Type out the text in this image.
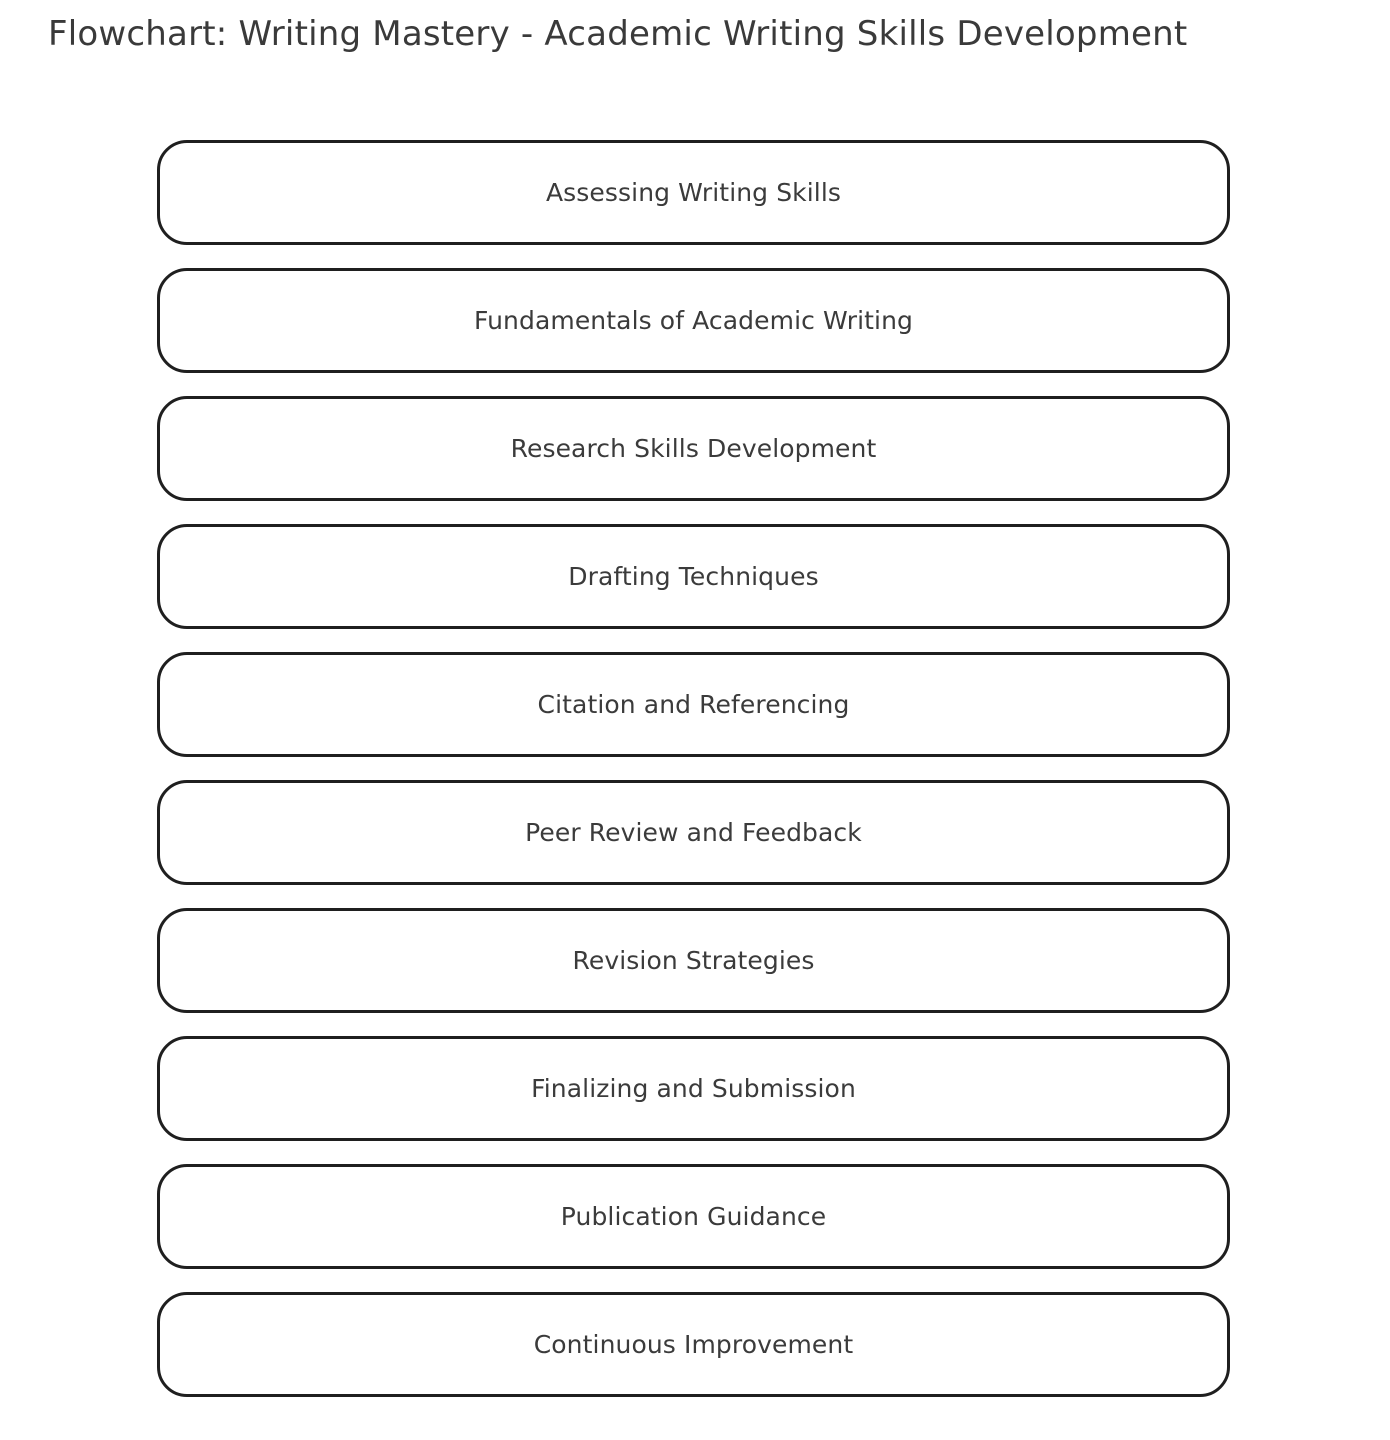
Flowchart: Writing Mastery - Academic Writing Skills Development
Assessing Writing Skills
Fundamentals of Academic Writing
Research Skills Development
Drafting Techniques
Citation and Referencing
Peer Review and Feedback
Revision Strategies
Finalizing and Submission
Publication Guidance
Continuous Improvement
